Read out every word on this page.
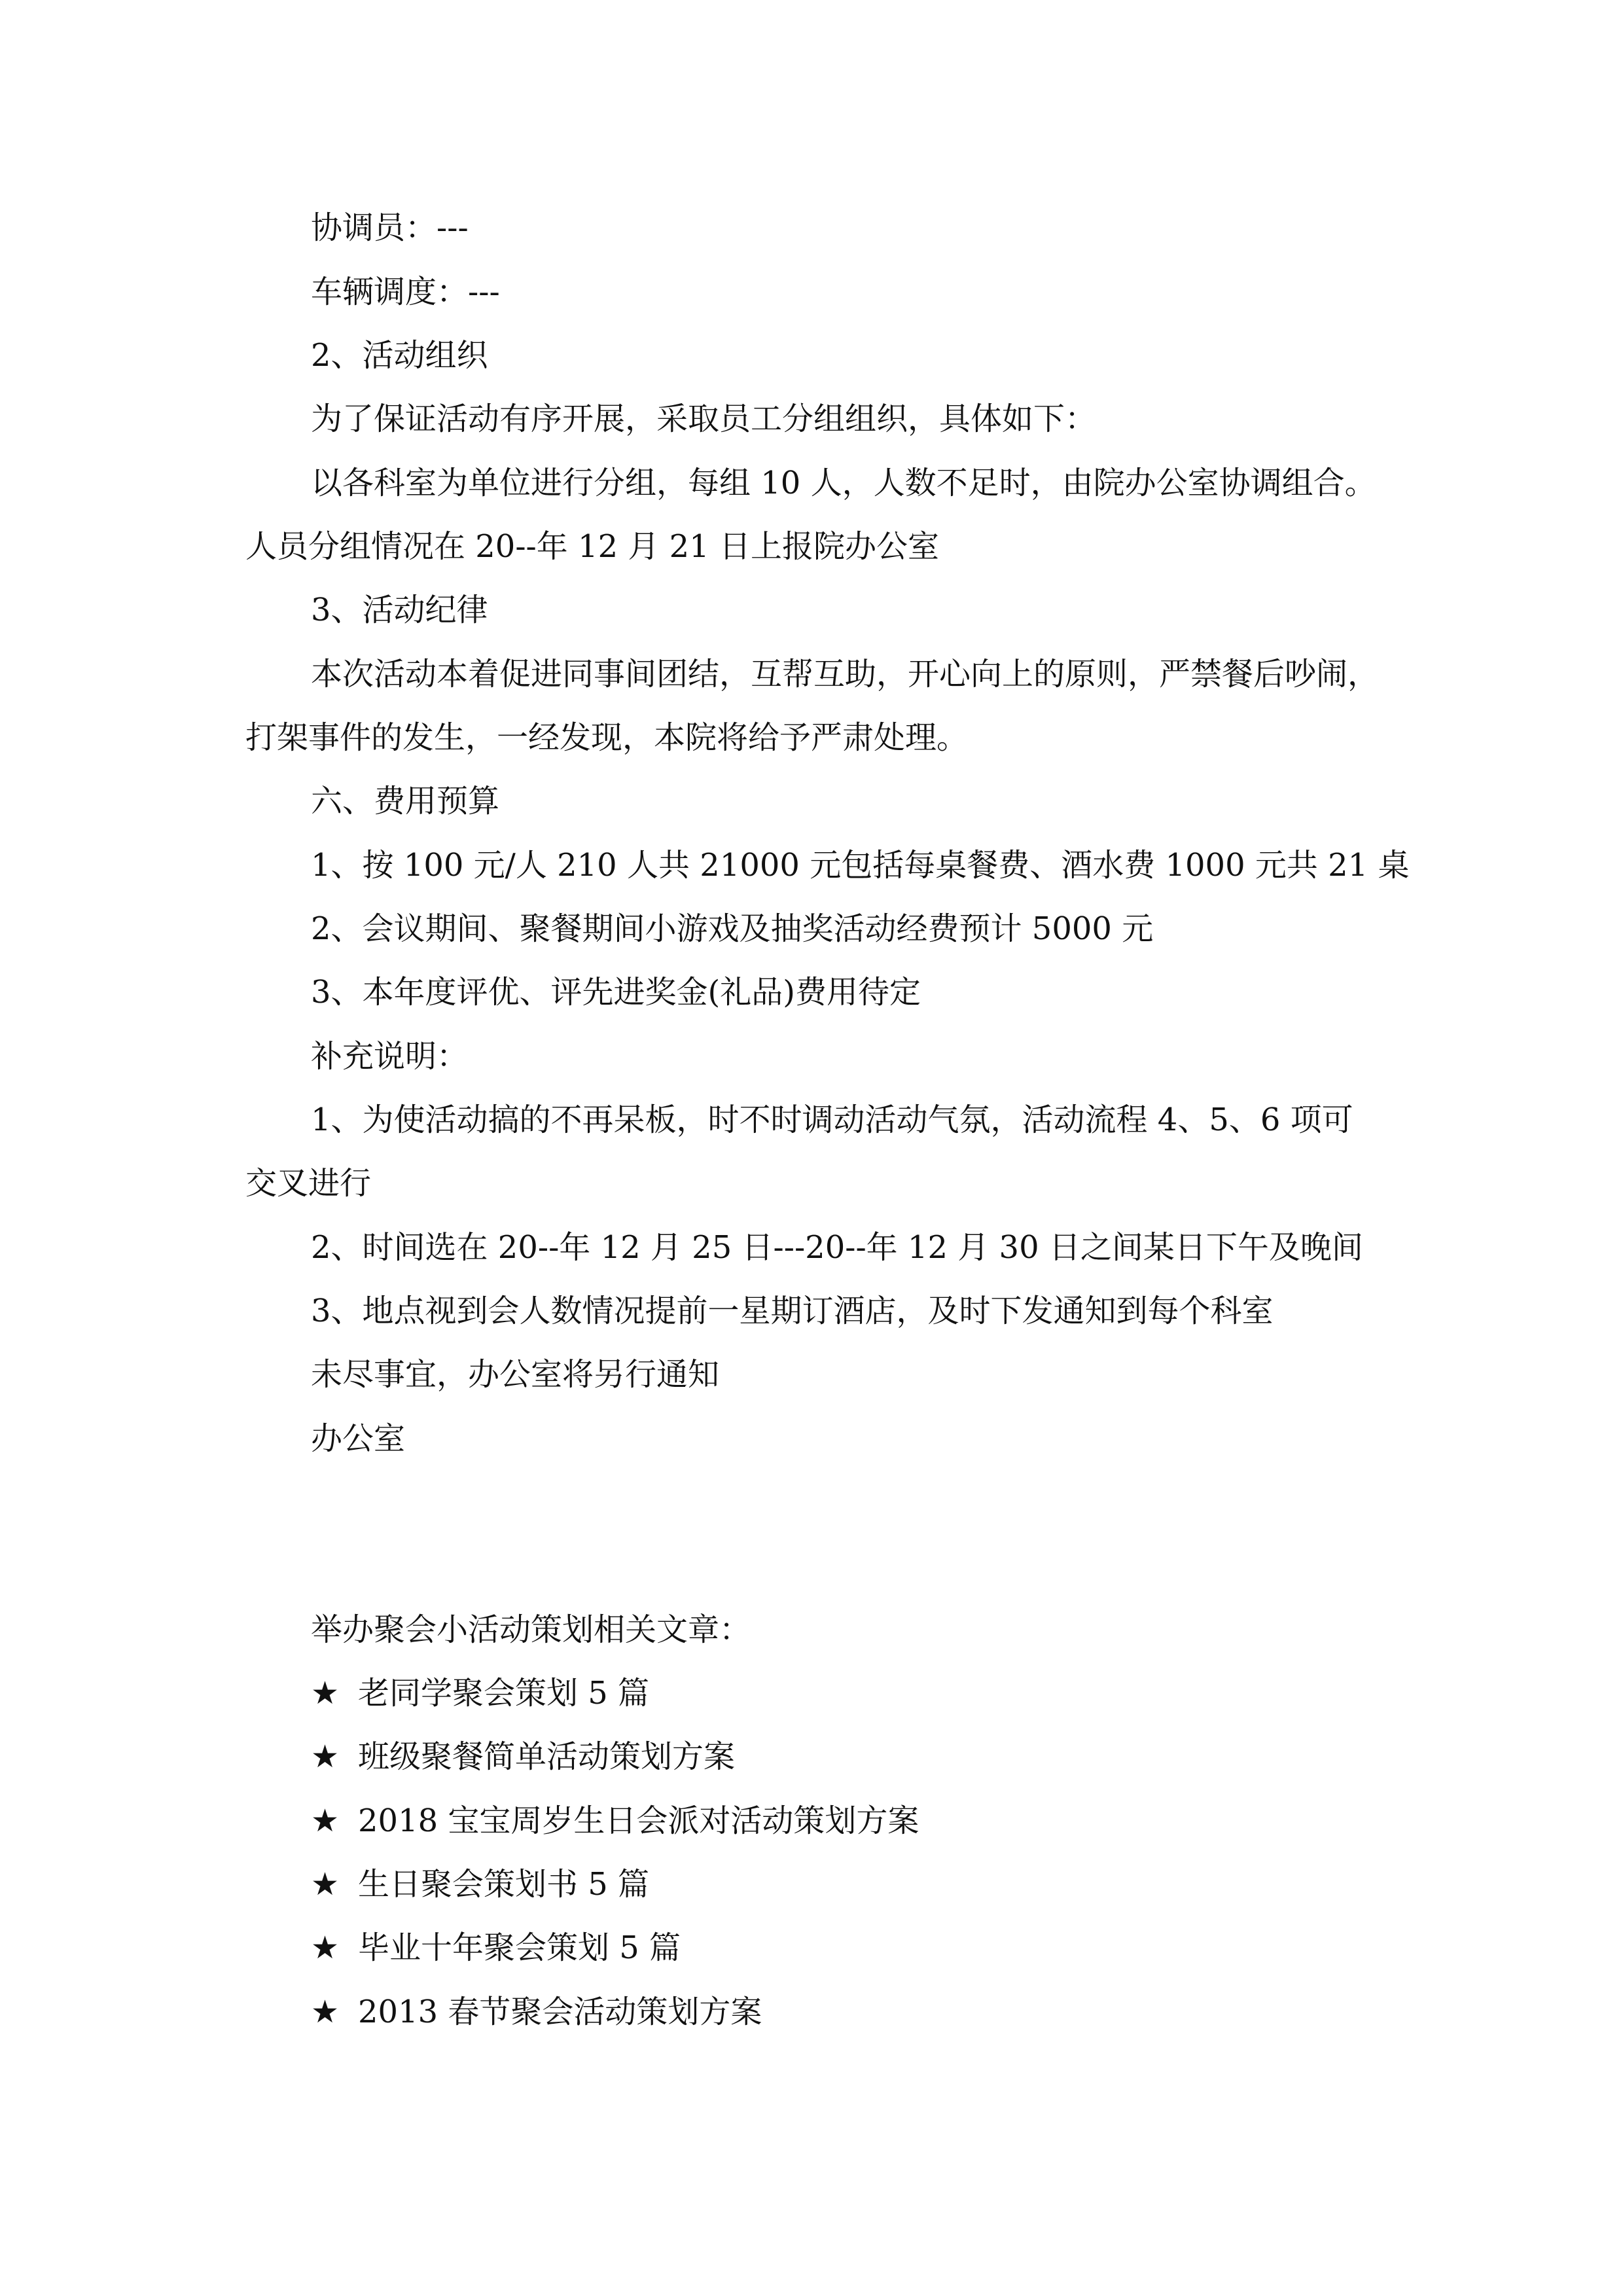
协调员：---
车辆调度：---
2、活动组织
为了保证活动有序开展，采取员工分组组织，具体如下：
以各科室为单位进行分组，每组 10 人，人数不足时，由院办公室协调组合。
人员分组情况在 20--年 12 月 21 日上报院办公室
3、活动纪律
本次活动本着促进同事间团结，互帮互助，开心向上的原则，严禁餐后吵闹，
打架事件的发生，一经发现，本院将给予严肃处理。
六、费用预算
1、按 100 元/人 210 人共 21000 元包括每桌餐费、酒水费 1000 元共 21 桌
2、会议期间、聚餐期间小游戏及抽奖活动经费预计 5000 元
3、本年度评优、评先进奖金(礼品)费用待定
补充说明：
1、为使活动搞的不再呆板，时不时调动活动气氛，活动流程 4、5、6 项可
交叉进行
2、时间选在 20--年 12 月 25 日---20--年 12 月 30 日之间某日下午及晚间
3、地点视到会人数情况提前一星期订酒店，及时下发通知到每个科室
未尽事宜，办公室将另行通知
办公室
举办聚会小活动策划相关文章：
★ 老同学聚会策划 5 篇
★ 班级聚餐简单活动策划方案
★ 2018 宝宝周岁生日会派对活动策划方案
★ 生日聚会策划书 5 篇
★ 毕业十年聚会策划 5 篇
★ 2013 春节聚会活动策划方案
